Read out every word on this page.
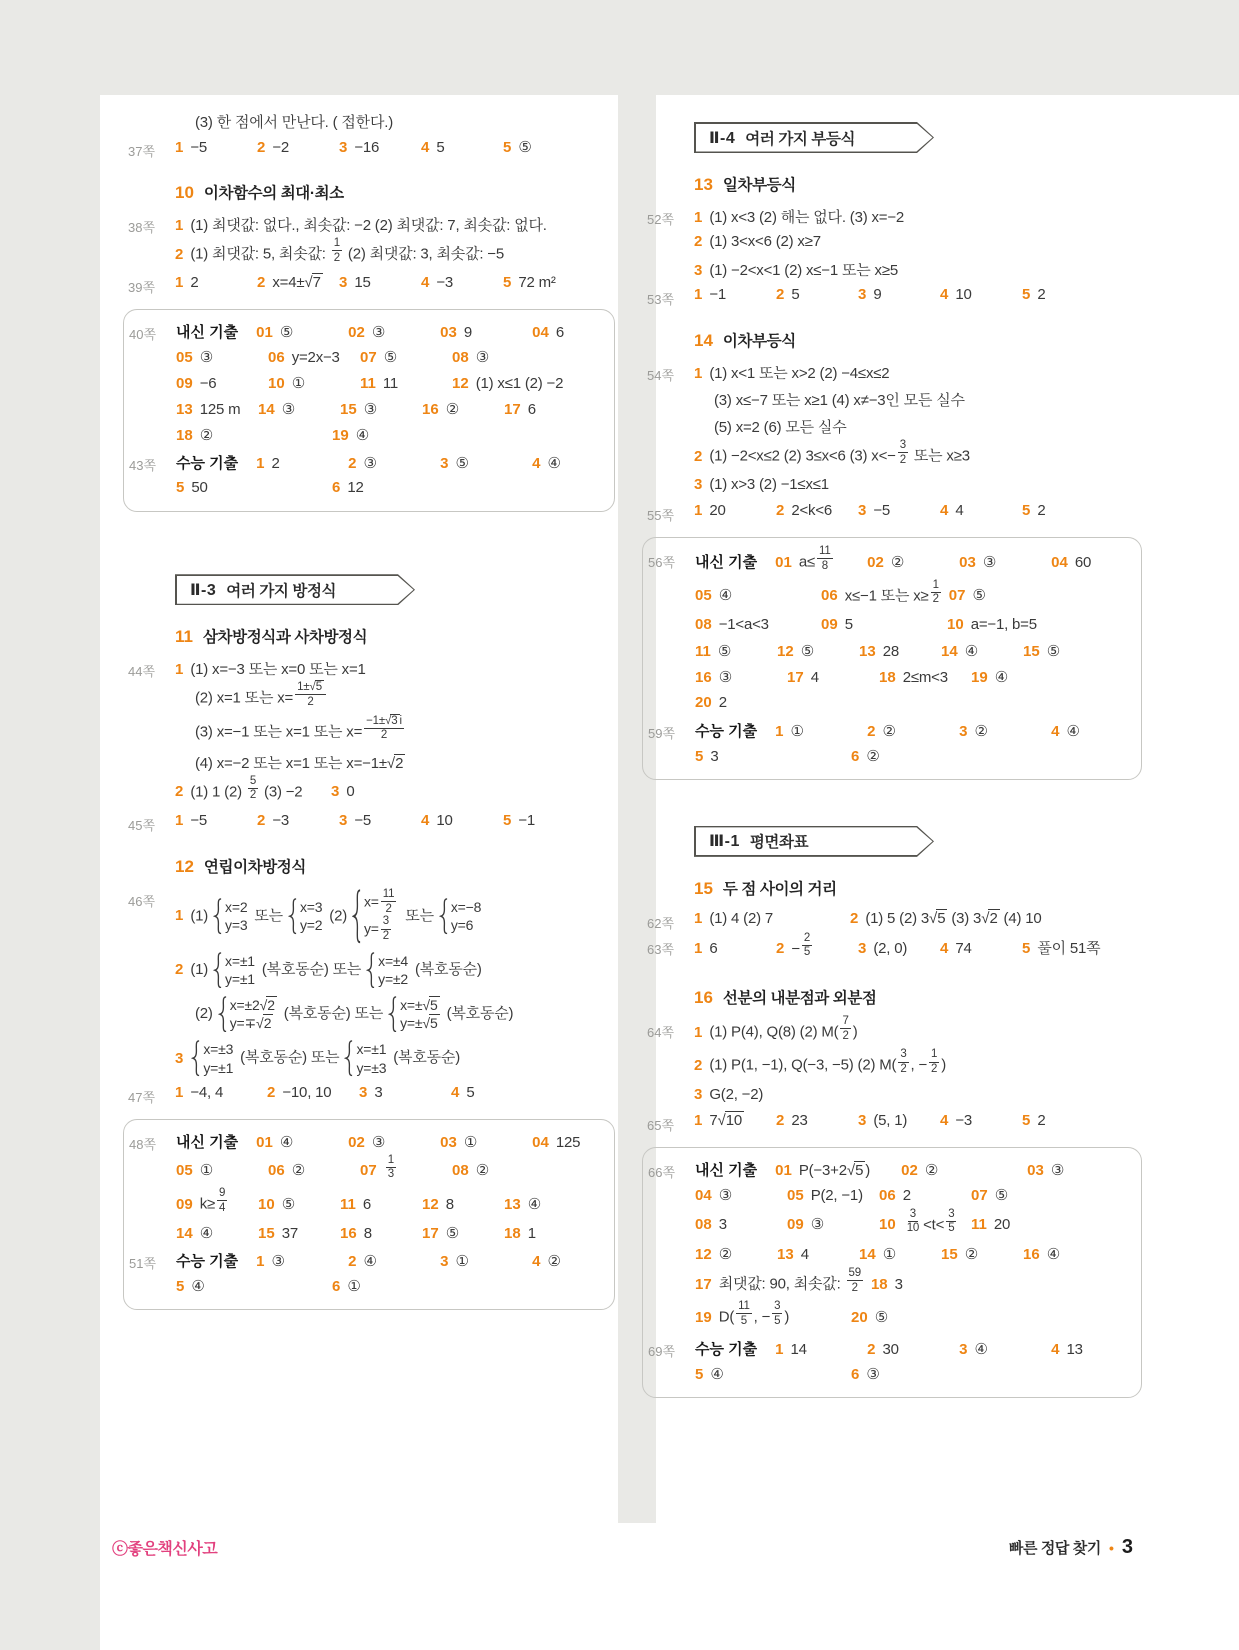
(3) 한 점에서 만난다. ( 접한다.)
37쪽 1 −5	2 −2	3 −16	4 5	5 ⑤
10 이차함수의 최대·최소
38쪽 1 (1) 최댓값: 없다., 최솟값: −2 (2) 최댓값: 7, 최솟값: 없다.
2 (1) 최댓값: 5, 최솟값: $\frac{1}{2} (2)$ 최댓값: 3, 최솟값: −5
39쪽 1 2	2 x=4±√7 3 15	4 −3	5 72 m²
40쪽 내신 기출 01 ⑤	02 ③	03 9	04 6
05 ③	06 y=2x−3 07 ⑤	08 ③
09 −6	10 ①	11 11	12 (1) x≤1 (2) −2
13 125 m 14 ③	15 ③	16 ②	17 6
18 ②	19 ④
43쪽 수능 기출 1 2	2 ③	3 ⑤	4 ④
5 50	6 12
Ⅱ-3 여러 가지 방정식
11 삼차방정식과 사차방정식
44쪽 1 (1) x=−3 또는 x=0 또는 x=1
(2) x=1 또는 $x= \frac{1\pm√5}{2}$
(3) x=−1 또는 x=1 또는 $x= \frac{-1\pm√3 i}{2}$
(4) x=−2 또는 x=1 또는 x=−1±√2
2 (1) 1 $(2) \frac{5}{2} (3) -2$ 3 0
45쪽 1 −5	2 −3	3 −5	4 10	5 −1
12 연립이차방정식
46쪽
1 (1)
x=2
y=3
또는
x=3
y=2
(2)
$x= \frac{11}{2}$
$y= \frac{3}{2}$ 또는
x=−8
y=6
2 (1)
x=±1
y=±1
(복호동순) 또는
x=±4
y=±2
(복호동순)
(2)
x=±2√2
y=∓√2
(복호동순) 또는
x=±√5
y=±√5
(복호동순)
3
x=±3
y=±1
(복호동순) 또는
x=±1
y=±3
(복호동순)
47쪽 1 −4, 4	2 −10, 10 3 3	4 5
48쪽 내신 기출 01 ④	02 ③	03 ①	04 125
05 ①	06 ②	$07 \frac{1}{3}$	08 ②
09 $k\ge \frac{9}{4} 10$ ⑤	11 6	12 8	13 ④
14 ④	15 37	16 8	17 ⑤	18 1
51쪽 수능 기출 1 ③	2 ④	3 ①	4 ②
5 ④	6 ①
Ⅱ-4 여러 가지 부등식
13 일차부등식
52쪽 1 (1) x<3 (2) 해는 없다. (3) x=−2
2 (1) 3<x<6 (2) x≥7
3 (1) −2<x<1 (2) x≤−1 또는 x≥5
53쪽 1 −1	2 5	3 9	4 10	5 2
14 이차부등식
54쪽 1 (1) x<1 또는 x>2 (2) −4≤x≤2
(3) x≤−7 또는 x≥1 (4) x≠−3인 모든 실수
(5) x=2 (6) 모든 실수
2 (1) −2<x≤2 (2) 3≤x<6 (3) $x<- \frac{3}{2}$ 또는 x≥3
3 (1) x>3 (2) −1≤x≤1
55쪽 1 20	2 2<k<6 3 −5	4 4	5 2
56쪽 내신 기출 01 $a\le \frac{11}{8} 02$ ②	03 ③	04 60
05 ④	06 x≤−1 또는 $x\ge \frac{1}{2} 07$ ⑤
08 −1<a<3	09 5	10 a=−1, b=5
11 ⑤	12 ⑤	13 28	14 ④	15 ⑤
16 ③	17 4	18 2≤m<3 19 ④
20 2
59쪽 수능 기출 1 ①	2 ②	3 ②	4 ④
5 3	6 ②
Ⅲ-1 평면좌표
15 두 점 사이의 거리
62쪽 1 (1) 4 (2) 7	2 (1) 5 (2) 3√5 (3) 3√2 (4) 10
63쪽 1 6	$2 - \frac{2}{5}$	3 (2, 0) 4 74	5 풀이 51쪽
16 선분의 내분점과 외분점
64쪽 1 (1) P(4), Q(8) (2) $M( \frac{7}{2}$ )
2 (1) P(1, −1), Q(−3, −5) (2) $M( \frac{3}{2}$ , − $\frac{1}{2}$ )
3 G(2, −2)
65쪽 1 7√10 2 23	3 (5, 1) 4 −3	5 2
66쪽 내신 기출 01 P(−3+2√5 ) 02 ②	03 ③
04 ③	05 P(2, −1) 06 2	07 ⑤
08 3	09 ③	$10 \frac{3}{10} <t< \frac{3}{5} 11$ 20
12 ②	13 4	14 ①	15 ②	16 ④
17 최댓값: 90, 최솟값: $\frac{59}{2} 18$ 3
19 $D( \frac{11}{5}$ , − $\frac{3}{5}$ )	20 ⑤
69쪽 수능 기출 1 14	2 30	3 ④	4 13
5 ④	6 ③
ⓒ좋은책신사고	빠른 정답 찾기 • 3
